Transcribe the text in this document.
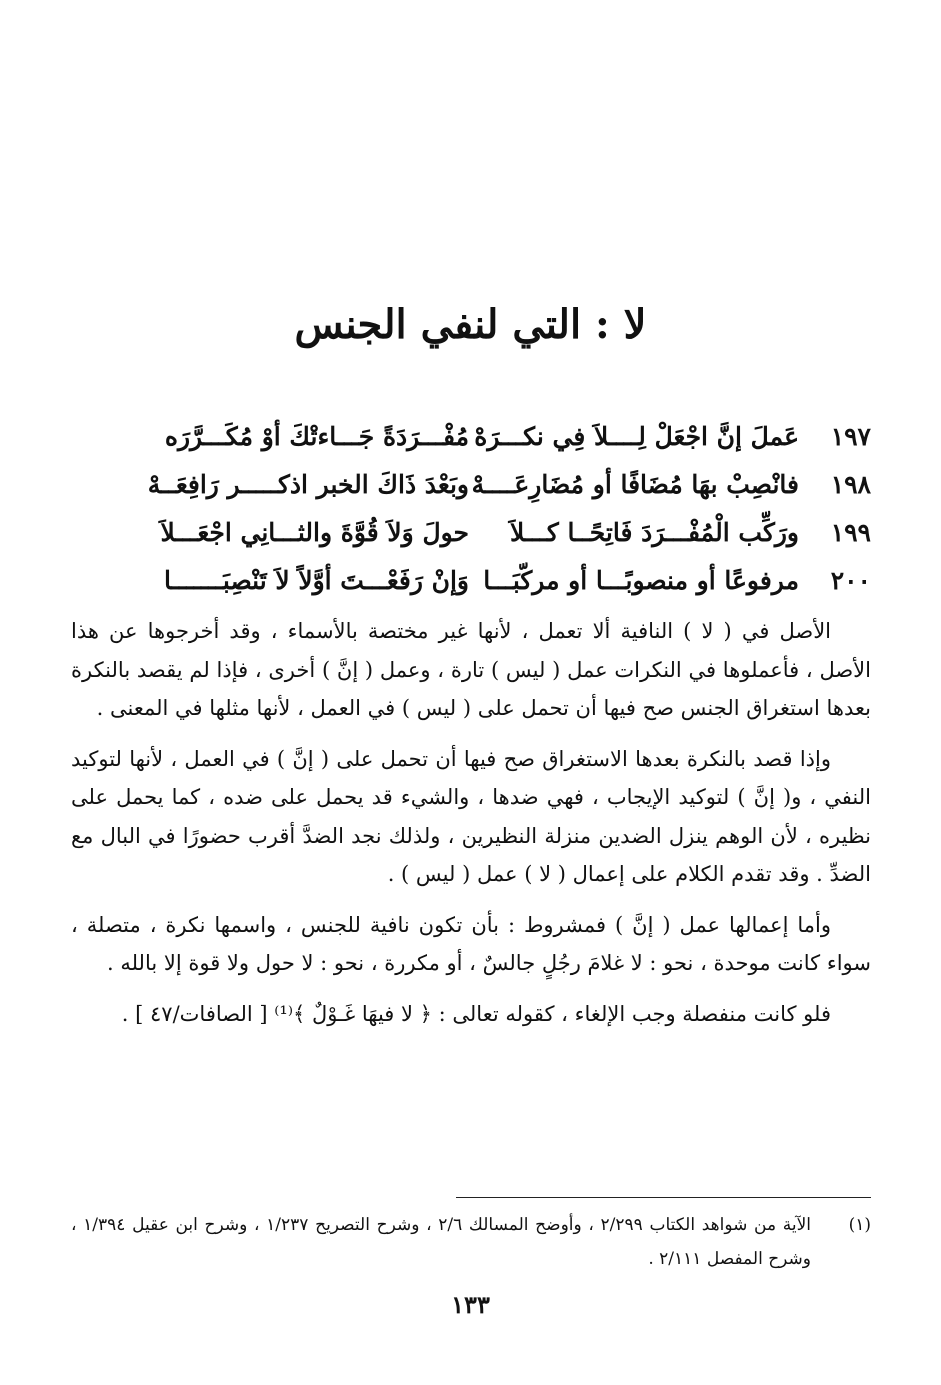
لا : التي لنفي الجنس
١٩٧
عَملَ إنَّ اجْعَلْ لِــــلاَ فِي نكـــرَهْ
مُفْـــرَدَةً جَـــاءتْكَ أوْ مُكَـــرَّرَه
١٩٨
فانْصِبْ بهَا مُضَافًا أو مُضَارِعَــــهْ
وبَعْدَ ذَاكَ الخبر اذكـــــر رَافِعَــهْ
١٩٩
ورَكِّب الْمُفْـــرَدَ فَاتِحًــا كـــلاَ
حولَ وَلاَ قُوَّةَ والثـــانِي اجْعَـــلاَ
٢٠٠
مرفوعًا أو منصوبًـــا أو مركّبَـــا
وَإنْ رَفَعْـــتَ أوَّلاً لاَ تَنْصِبَـــــــا

الأصل في ( لا ) النافية ألا تعمل ، لأنها غير مختصة بالأسماء ، وقد أخرجوها عن هذا الأصل ، فأعملوها في النكرات عمل ( ليس ) تارة ، وعمل ( إنَّ ) أخرى ، فإذا لم يقصد بالنكرة بعدها استغراق الجنس صح فيها أن تحمل على ( ليس ) في العمل ، لأنها مثلها في المعنى .

وإذا قصد بالنكرة بعدها الاستغراق صح فيها أن تحمل على ( إنَّ ) في العمل ، لأنها لتوكيد النفي ، و( إنَّ ) لتوكيد الإيجاب ، فهي ضدها ، والشيء قد يحمل على ضده ، كما يحمل على نظيره ، لأن الوهم ينزل الضدين منزلة النظيرين ، ولذلك نجد الضدَّ أقرب حضورًا في البال مع الضدِّ . وقد تقدم الكلام على إعمال ( لا ) عمل ( ليس ) .

وأما إعمالها عمل ( إنَّ ) فمشروط : بأن تكون نافية للجنس ، واسمها نكرة ، متصلة ، سواء كانت موحدة ، نحو : لا غلامَ رجُلٍ جالسٌ ، أو مكررة ، نحو : لا حول ولا قوة إلا بالله .

فلو كانت منفصلة وجب الإلغاء ، كقوله تعالى : ﴿ لا فيهَا غَـوْلٌ ﴾⁽¹⁾ [ الصافات/٤٧ ] .

(١)
الآية من شواهد الكتاب ٢/٢٩٩ ، وأوضح المسالك ٢/٦ ، وشرح التصريح ١/٢٣٧ ، وشرح ابن عقيل ١/٣٩٤ ، وشرح المفصل ٢/١١١ .
١٣٣
